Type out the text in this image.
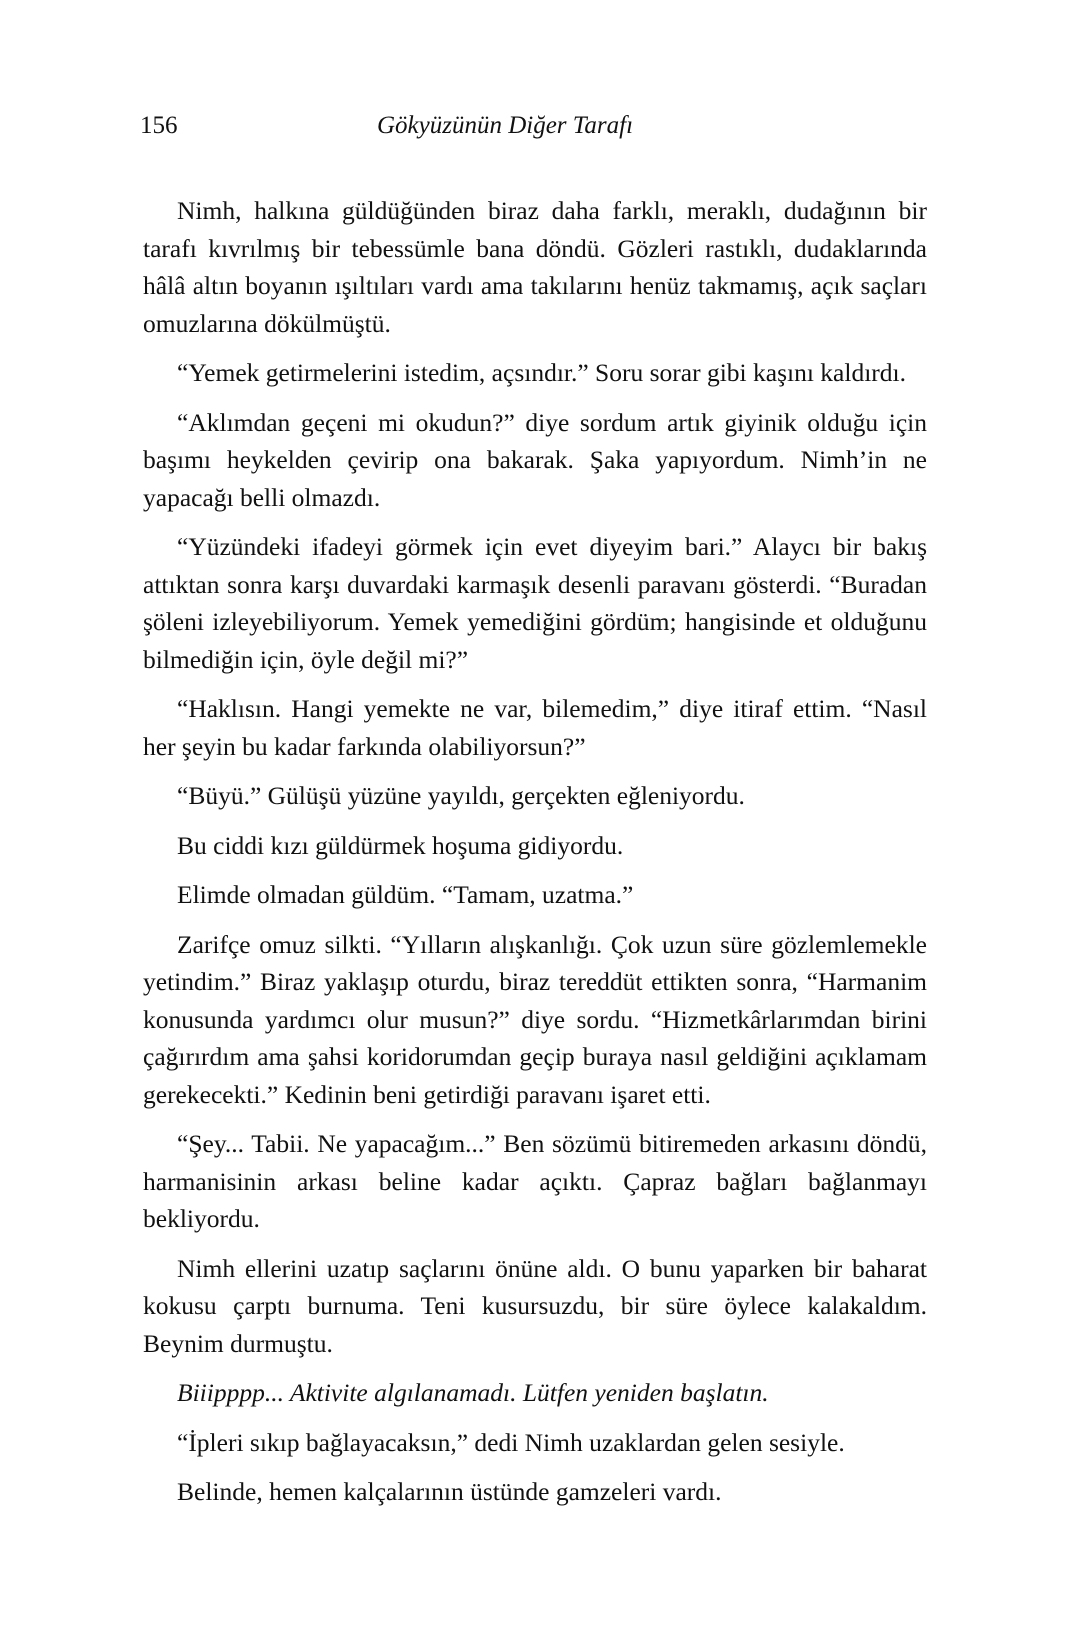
156	Gökyüzünün Diğer Tarafı

Nimh, halkına güldüğünden biraz daha farklı, meraklı, dudağının bir tarafı kıvrılmış bir tebessümle bana döndü. Gözleri rastıklı, dudaklarında hâlâ altın boyanın ışıltıları vardı ama takılarını henüz takmamış, açık saçları omuzlarına dökülmüştü.

“Yemek getirmelerini istedim, açsındır.” Soru sorar gibi kaşını kaldırdı.

“Aklımdan geçeni mi okudun?” diye sordum artık giyinik olduğu için başımı heykelden çevirip ona bakarak. Şaka yapıyordum. Nimh’in ne yapacağı belli olmazdı.

“Yüzündeki ifadeyi görmek için evet diyeyim bari.” Alaycı bir bakış attıktan sonra karşı duvardaki karmaşık desenli paravanı gösterdi. “Buradan şöleni izleyebiliyorum. Yemek yemediğini gördüm; hangisinde et olduğunu bilmediğin için, öyle değil mi?”

“Haklısın. Hangi yemekte ne var, bilemedim,” diye itiraf ettim. “Nasıl her şeyin bu kadar farkında olabiliyorsun?”

“Büyü.” Gülüşü yüzüne yayıldı, gerçekten eğleniyordu.

Bu ciddi kızı güldürmek hoşuma gidiyordu.

Elimde olmadan güldüm. “Tamam, uzatma.”

Zarifçe omuz silkti. “Yılların alışkanlığı. Çok uzun süre gözlemlemekle yetindim.” Biraz yaklaşıp oturdu, biraz tereddüt ettikten sonra, “Harmanim konusunda yardımcı olur musun?” diye sordu. “Hizmetkârlarımdan birini çağırırdım ama şahsi koridorumdan geçip buraya nasıl geldiğini açıklamam gerekecekti.” Kedinin beni getirdiği paravanı işaret etti.

“Şey... Tabii. Ne yapacağım...” Ben sözümü bitiremeden arkasını döndü, harmanisinin arkası beline kadar açıktı. Çapraz bağları bağlanmayı bekliyordu.

Nimh ellerini uzatıp saçlarını önüne aldı. O bunu yaparken bir baharat kokusu çarptı burnuma. Teni kusursuzdu, bir süre öylece kalakaldım. Beynim durmuştu.

Biiipppp... Aktivite algılanamadı. Lütfen yeniden başlatın.

“İpleri sıkıp bağlayacaksın,” dedi Nimh uzaklardan gelen sesiyle.

Belinde, hemen kalçalarının üstünde gamzeleri vardı.
